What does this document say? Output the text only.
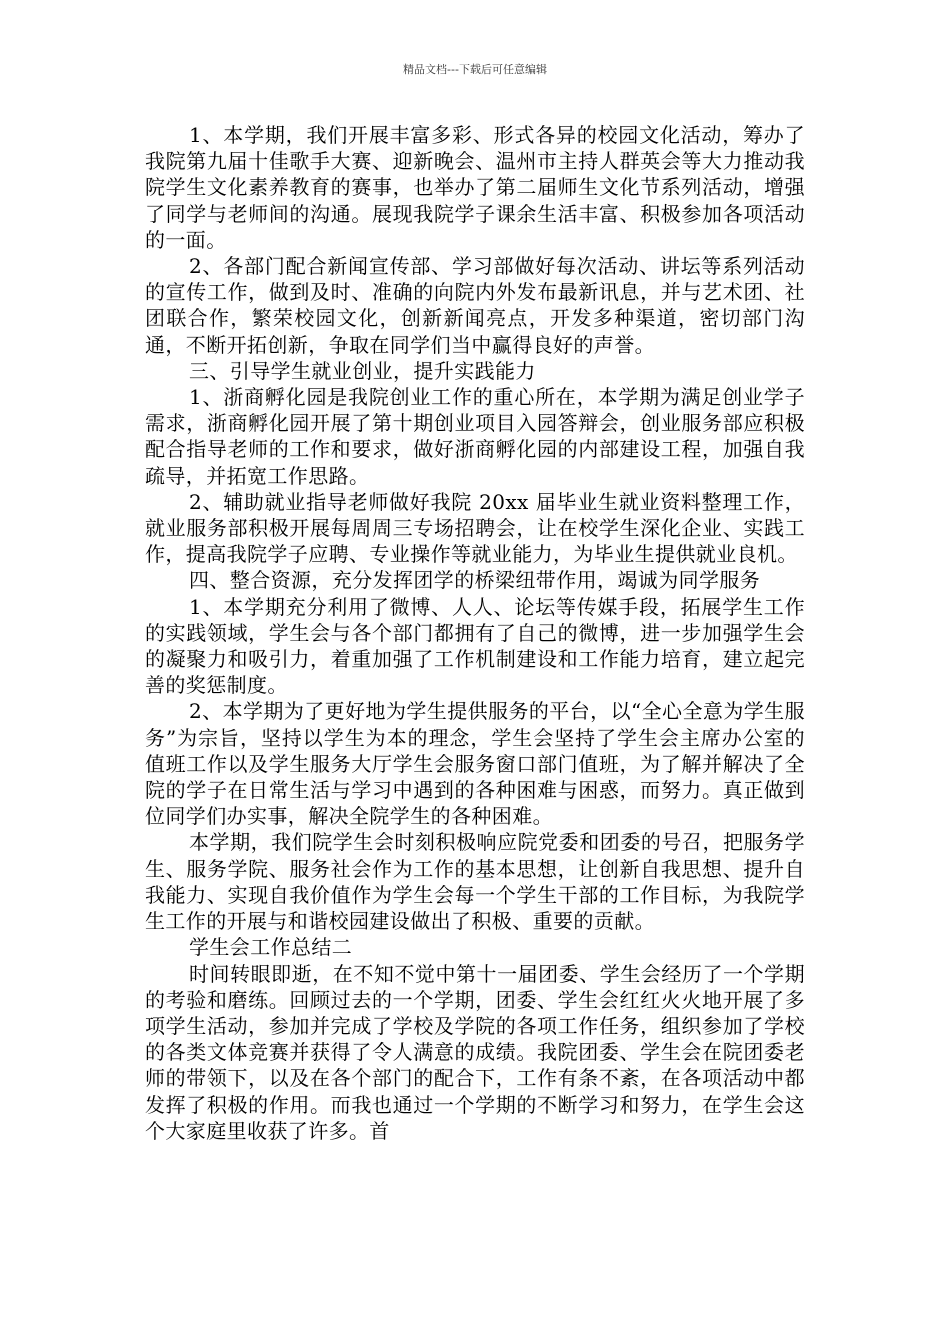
精品文档---下载后可任意编辑

1、本学期，我们开展丰富多彩、形式各异的校园文化活动，筹办了我院第九届十佳歌手大赛、迎新晚会、温州市主持人群英会等大力推动我院学生文化素养教育的赛事，也举办了第二届师生文化节系列活动，增强了同学与老师间的沟通。展现我院学子课余生活丰富、积极参加各项活动的一面。

2、各部门配合新闻宣传部、学习部做好每次活动、讲坛等系列活动的宣传工作，做到及时、准确的向院内外发布最新讯息，并与艺术团、社团联合作，繁荣校园文化，创新新闻亮点，开发多种渠道，密切部门沟通，不断开拓创新，争取在同学们当中赢得良好的声誉。

三、引导学生就业创业，提升实践能力

1、浙商孵化园是我院创业工作的重心所在，本学期为满足创业学子需求，浙商孵化园开展了第十期创业项目入园答辩会，创业服务部应积极配合指导老师的工作和要求，做好浙商孵化园的内部建设工程，加强自我疏导，并拓宽工作思路。

2、辅助就业指导老师做好我院 20xx 届毕业生就业资料整理工作，就业服务部积极开展每周周三专场招聘会，让在校学生深化企业、实践工作，提高我院学子应聘、专业操作等就业能力，为毕业生提供就业良机。

四、整合资源，充分发挥团学的桥梁纽带作用，竭诚为同学服务

1、本学期充分利用了微博、人人、论坛等传媒手段，拓展学生工作的实践领域，学生会与各个部门都拥有了自己的微博，进一步加强学生会的凝聚力和吸引力，着重加强了工作机制建设和工作能力培育，建立起完善的奖惩制度。

2、本学期为了更好地为学生提供服务的平台，以“全心全意为学生服务”为宗旨，坚持以学生为本的理念，学生会坚持了学生会主席办公室的值班工作以及学生服务大厅学生会服务窗口部门值班，为了解并解决了全院的学子在日常生活与学习中遇到的各种困难与困惑，而努力。真正做到位同学们办实事，解决全院学生的各种困难。

本学期，我们院学生会时刻积极响应院党委和团委的号召，把服务学生、服务学院、服务社会作为工作的基本思想，让创新自我思想、提升自我能力、实现自我价值作为学生会每一个学生干部的工作目标，为我院学生工作的开展与和谐校园建设做出了积极、重要的贡献。

学生会工作总结二

时间转眼即逝，在不知不觉中第十一届团委、学生会经历了一个学期的考验和磨练。回顾过去的一个学期，团委、学生会红红火火地开展了多项学生活动，参加并完成了学校及学院的各项工作任务，组织参加了学校的各类文体竞赛并获得了令人满意的成绩。我院团委、学生会在院团委老师的带领下，以及在各个部门的配合下，工作有条不紊，在各项活动中都发挥了积极的作用。而我也通过一个学期的不断学习和努力，在学生会这个大家庭里收获了许多。首
